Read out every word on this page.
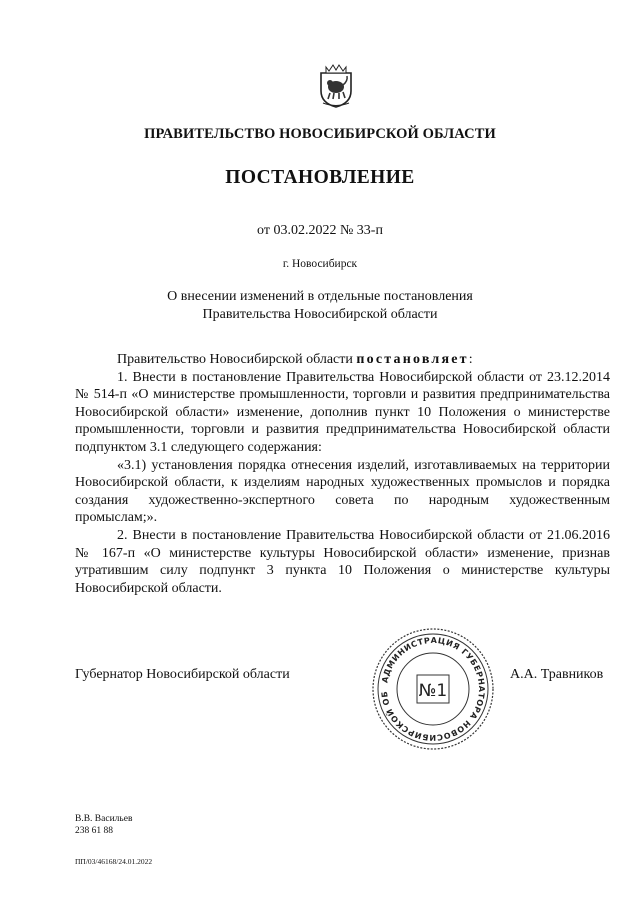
ПРАВИТЕЛЬСТВО НОВОСИБИРСКОЙ ОБЛАСТИ
ПОСТАНОВЛЕНИЕ
от 03.02.2022 № 33-п
г. Новосибирск
О внесении изменений в отдельные постановления
Правительства Новосибирской области

Правительство Новосибирской области постановляет:

1. Внести в постановление Правительства Новосибирской области от 23.12.2014 № 514-п «О министерстве промышленности, торговли и развития предпринимательства Новосибирской области» изменение, дополнив пункт 10 Положения о министерстве промышленности, торговли и развития предпринимательства Новосибирской области подпунктом 3.1 следующего содержания:

«3.1) установления порядка отнесения изделий, изготавливаемых на территории Новосибирской области, к изделиям народных художественных промыслов и порядка создания художественно-экспертного совета по народным художественным промыслам;».

2. Внести в постановление Правительства Новосибирской области от 21.06.2016 № 167-п «О министерстве культуры Новосибирской области» изменение, признав утратившим силу подпункт 3 пункта 10 Положения о министерстве культуры Новосибирской области.

Губернатор Новосибирской области	А.А. Травников
АДМИНИСТРАЦИЯ ГУБЕРНАТОРА НОВОСИБИРСКОЙ ОБ	№1
В.В. Васильев
238 61 88
ПП/03/46168/24.01.2022
